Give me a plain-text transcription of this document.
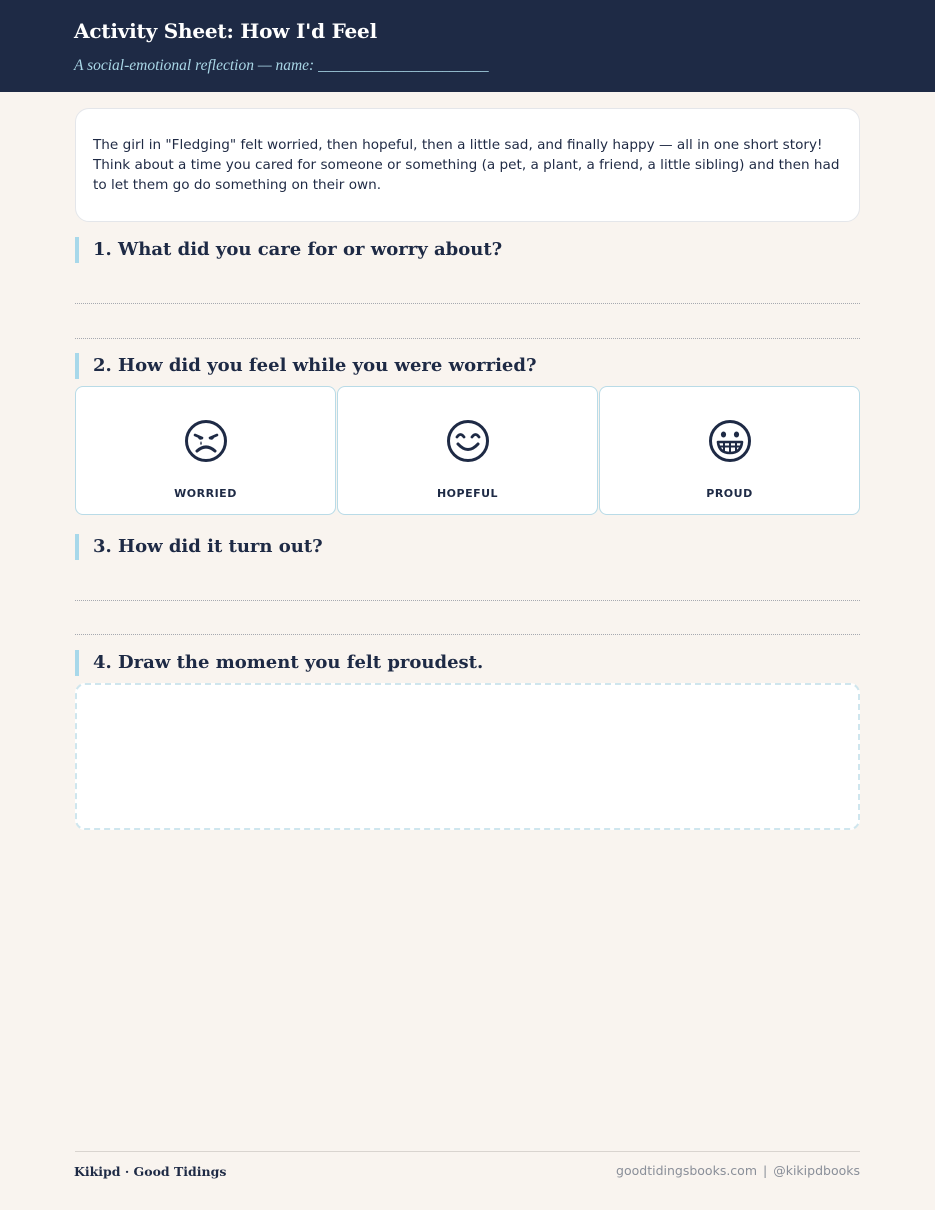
Activity Sheet: How I'd Feel
A social-emotional reflection — name: ______________________

The girl in "Fledging" felt worried, then hopeful, then a little sad, and finally happy — all in one short story! Think about a time you cared for someone or something (a pet, a plant, a friend, a little sibling) and then had to let them go do something on their own.

1. What did you care for or worry about?
2. How did you feel while you were worried?
WORRIED	HOPEFUL	PROUD
3. How did it turn out?
4. Draw the moment you felt proudest.
Kikipd · Good Tidings	goodtidingsbooks.com | @kikipdbooks
